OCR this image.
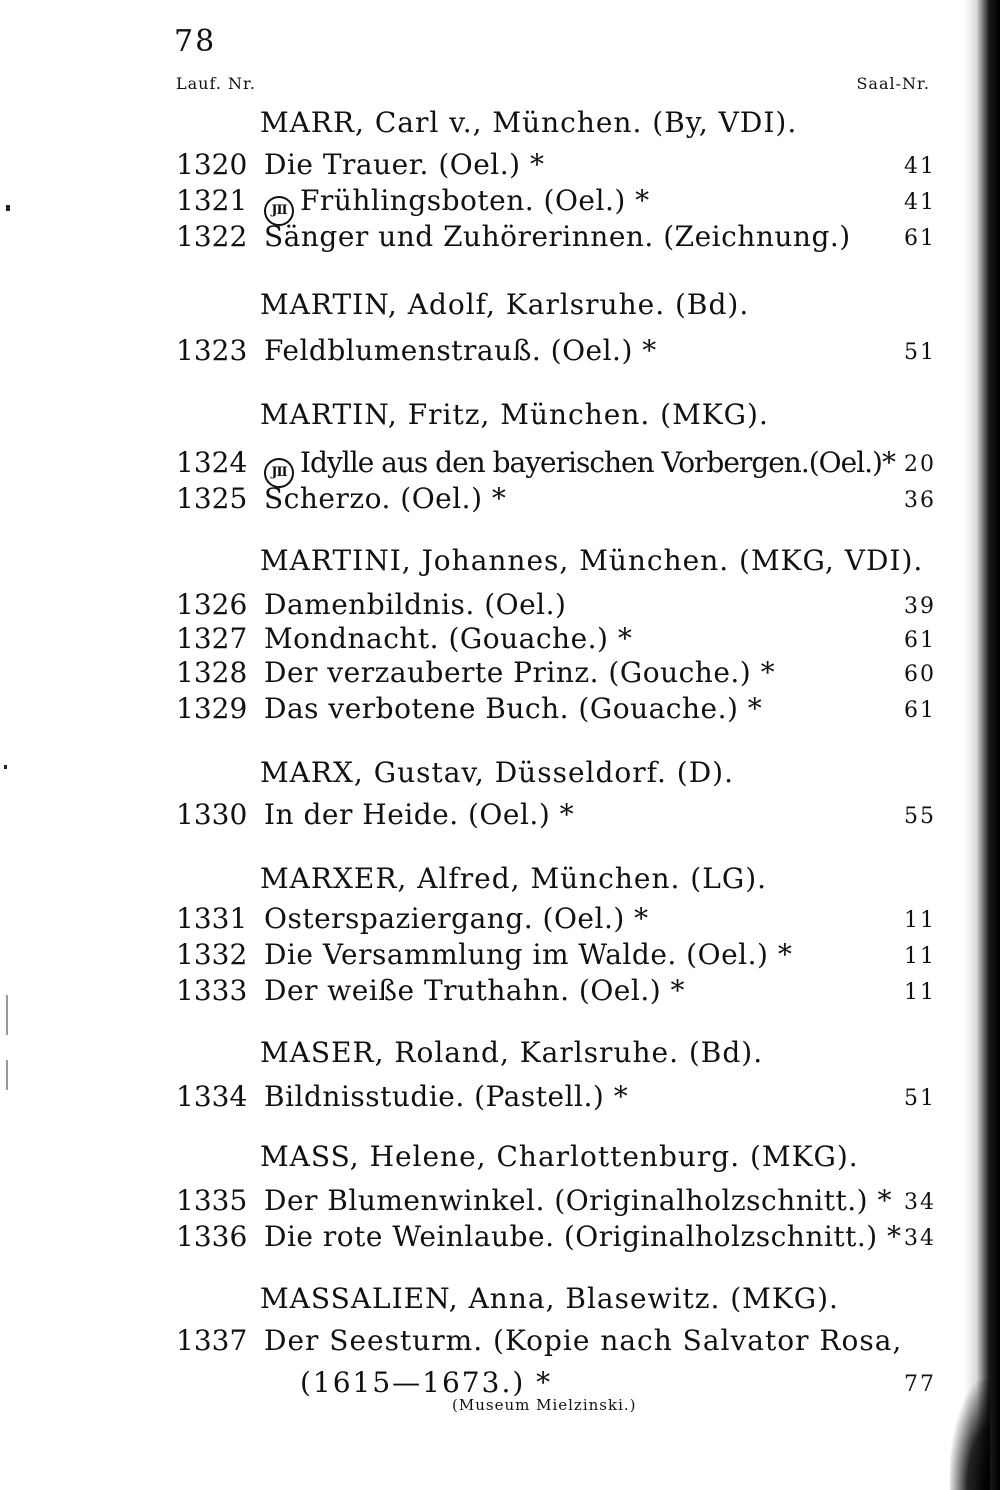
78
Lauf. Nr.	Saal-Nr.
MARR, Carl v., München. (By, VDI).
1320 Die Trauer. (Oel.) *	41
1321	JII Frühlingsboten. (Oel.) *	41
1322 Sänger und Zuhörerinnen. (Zeichnung.) 61
MARTIN, Adolf, Karlsruhe. (Bd).
1323 Feldblumenstrauß. (Oel.) *	51
MARTIN, Fritz, München. (MKG).
1324	JII Idylle aus den bayerischen Vorbergen.(Oel.)* 20
1325 Scherzo. (Oel.) *	36
MARTINI, Johannes, München. (MKG, VDI).
1326 Damenbildnis. (Oel.)	39
1327 Mondnacht. (Gouache.) *	61
1328 Der verzauberte Prinz. (Gouche.) *	60
1329 Das verbotene Buch. (Gouache.) *	61
MARX, Gustav, Düsseldorf. (D).
1330 In der Heide. (Oel.) *	55
MARXER, Alfred, München. (LG).
1331 Osterspaziergang. (Oel.) *	11
1332 Die Versammlung im Walde. (Oel.) *	11
1333 Der weiße Truthahn. (Oel.) *	11
MASER, Roland, Karlsruhe. (Bd).
1334 Bildnisstudie. (Pastell.) *	51
MASS, Helene, Charlottenburg. (MKG).
1335 Der Blumenwinkel. (Originalholzschnitt.) * 34
1336 Die rote Weinlaube. (Originalholzschnitt.) * 34
MASSALIEN, Anna, Blasewitz. (MKG).
1337 Der Seesturm. (Kopie nach Salvator Rosa,
(1615—1673.) *	77
(Museum Mielzinski.)
